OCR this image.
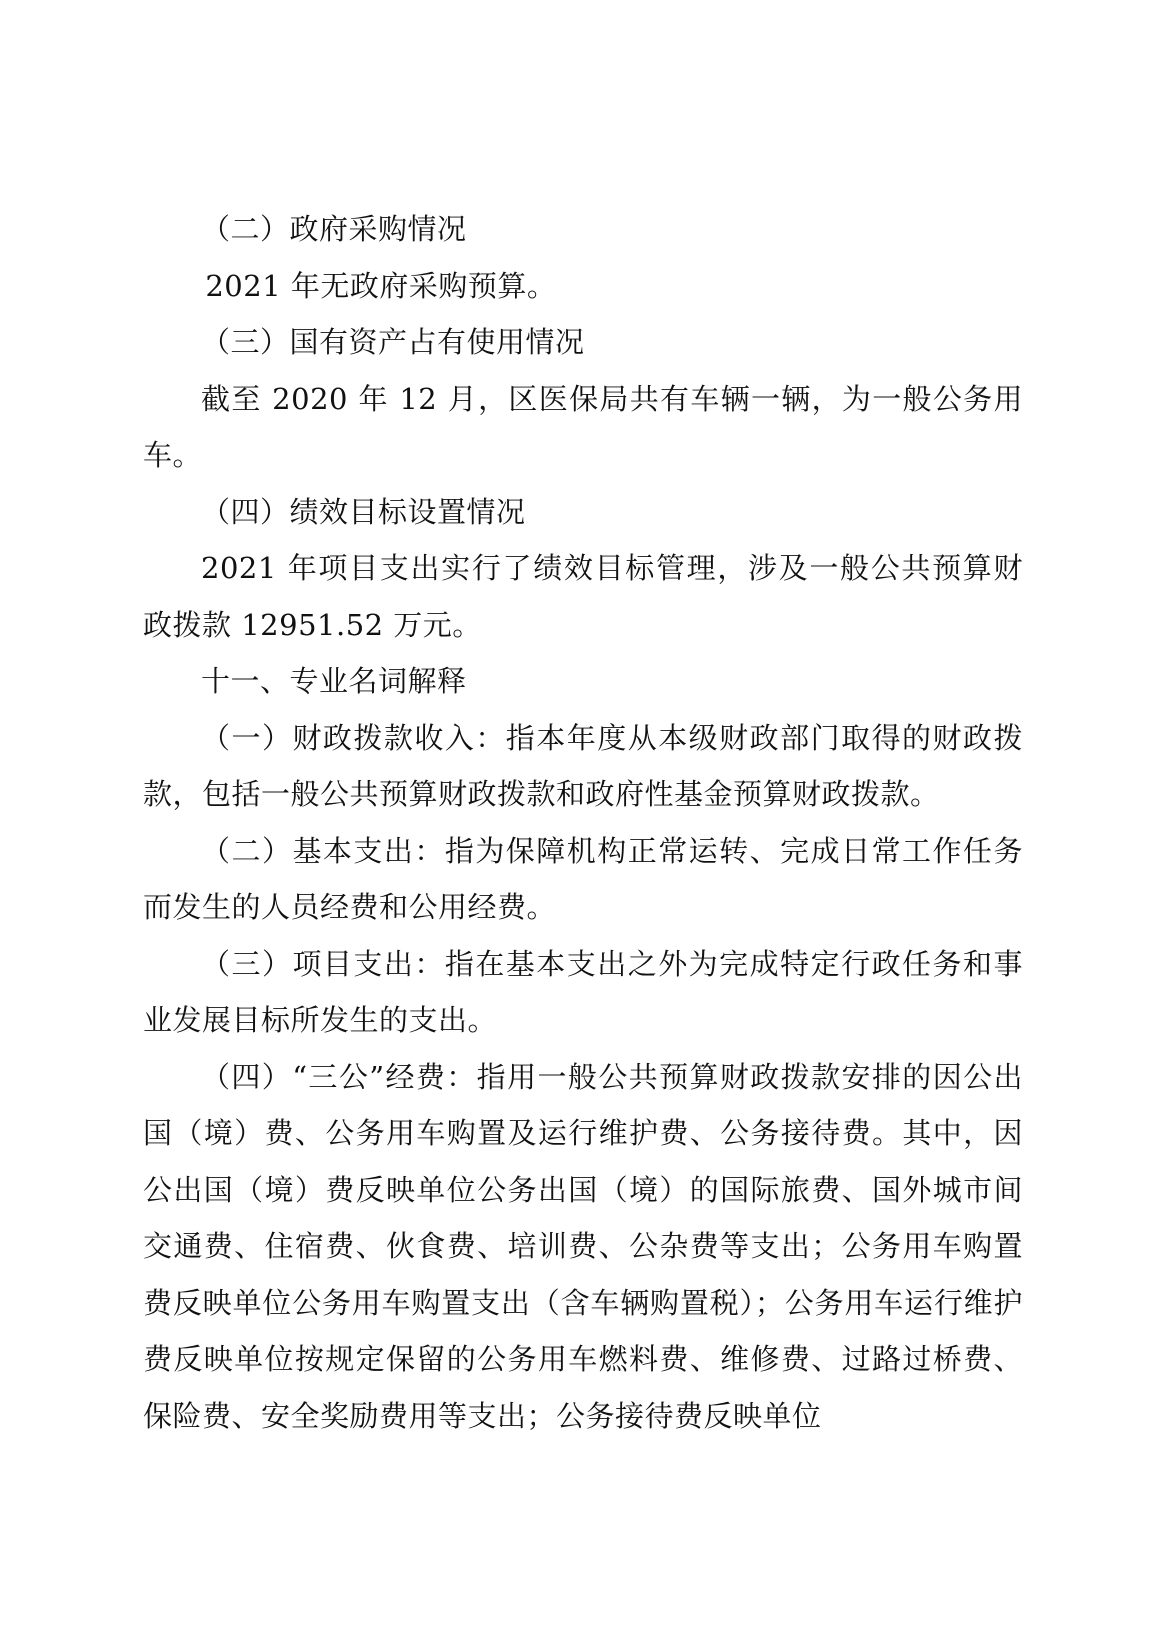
（二）政府采购情况

2021 年无政府采购预算。

（三）国有资产占有使用情况

截至 2020 年 12 月，区医保局共有车辆一辆，为一般公务用车。

（四）绩效目标设置情况

2021 年项目支出实行了绩效目标管理，涉及一般公共预算财政拨款 12951.52 万元。

十一、专业名词解释

（一）财政拨款收入：指本年度从本级财政部门取得的财政拨款，包括一般公共预算财政拨款和政府性基金预算财政拨款。

（二）基本支出：指为保障机构正常运转、完成日常工作任务而发生的人员经费和公用经费。

（三）项目支出：指在基本支出之外为完成特定行政任务和事业发展目标所发生的支出。

（四）“三公”经费：指用一般公共预算财政拨款安排的因公出国（境）费、公务用车购置及运行维护费、公务接待费。其中，因公出国（境）费反映单位公务出国（境）的国际旅费、国外城市间交通费、住宿费、伙食费、培训费、公杂费等支出；公务用车购置费反映单位公务用车购置支出（含车辆购置税）；公务用车运行维护费反映单位按规定保留的公务用车燃料费、维修费、过路过桥费、保险费、安全奖励费用等支出；公务接待费反映单位
